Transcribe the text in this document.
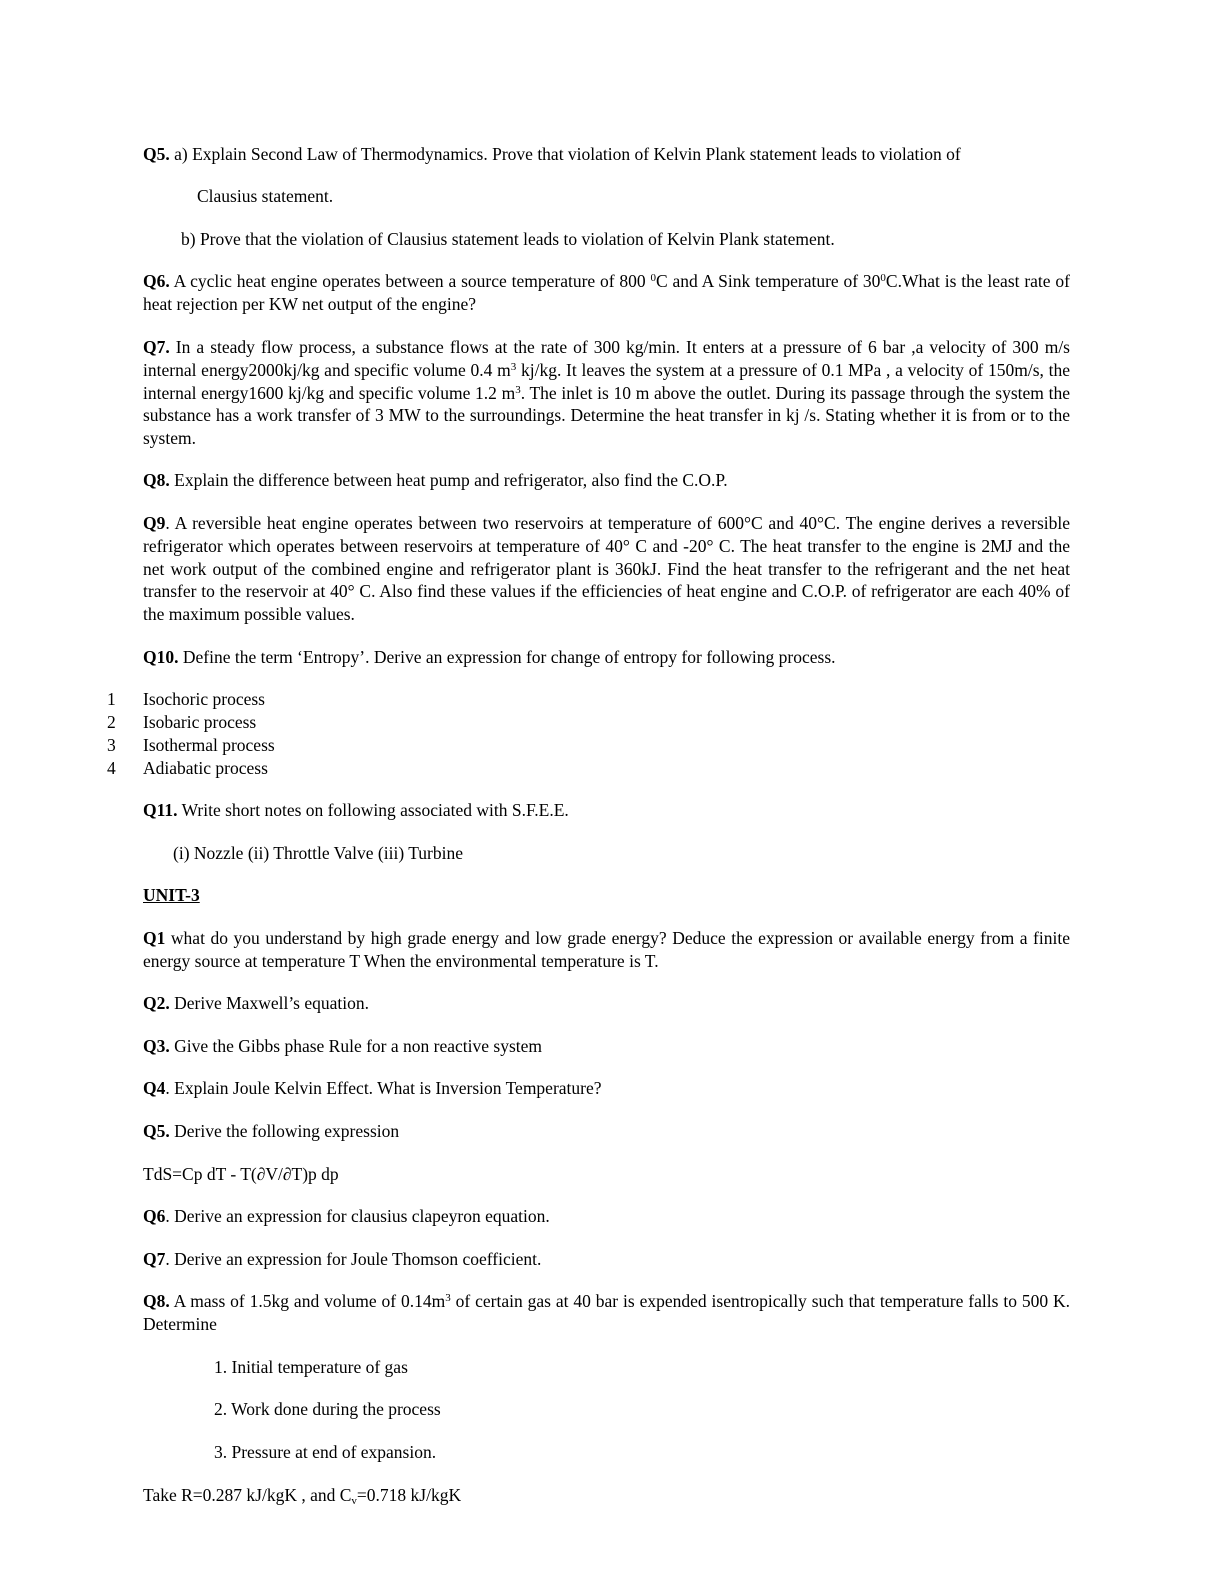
Q5. a) Explain Second Law of Thermodynamics. Prove that violation of Kelvin Plank statement leads to violation of
Clausius statement.
b) Prove that the violation of Clausius statement leads to violation of Kelvin Plank statement.
Q6. A cyclic heat engine operates between a source temperature of 800 $^0$C and A Sink temperature of $30^0C.What$ is the least rate of heat rejection per KW net output of the engine?
Q7. In a steady flow process, a substance flows at the rate of 300 kg/min. It enters at a pressure of 6 bar ,a velocity of 300 m/s internal energy2000kj/kg and specific volume 0.4 $m^3$ kj/kg. It leaves the system at a pressure of 0.1 MPa , a velocity of 150m/s, the internal energy1600 kj/kg and specific volume 1.2 $m^3$. The inlet is 10 m above the outlet. During its passage through the system the substance has a work transfer of 3 MW to the surroundings. Determine the heat transfer in kj /s. Stating whether it is from or to the system.
Q8. Explain the difference between heat pump and refrigerator, also find the C.O.P.
Q9. A reversible heat engine operates between two reservoirs at temperature of 600°C and 40°C. The engine derives a reversible refrigerator which operates between reservoirs at temperature of 40° C and -20° C. The heat transfer to the engine is 2MJ and the net work output of the combined engine and refrigerator plant is 360kJ. Find the heat transfer to the refrigerant and the net heat transfer to the reservoir at 40° C. Also find these values if the efficiencies of heat engine and C.O.P. of refrigerator are each 40% of the maximum possible values.
Q10. Define the term ‘Entropy’. Derive an expression for change of entropy for following process.
1	Isochoric process
2	Isobaric process
3	Isothermal process
4	Adiabatic process
Q11. Write short notes on following associated with S.F.E.E.
(i) Nozzle (ii) Throttle Valve (iii) Turbine
UNIT-3
Q1 what do you understand by high grade energy and low grade energy? Deduce the expression or available energy from a finite energy source at temperature T When the environmental temperature is T.
Q2. Derive Maxwell’s equation.
Q3. Give the Gibbs phase Rule for a non reactive system
Q4. Explain Joule Kelvin Effect. What is Inversion Temperature?
Q5. Derive the following expression
TdS=Cp dT - T(∂V/∂T)p dp
Q6. Derive an expression for clausius clapeyron equation.
Q7. Derive an expression for Joule Thomson coefficient.
Q8. A mass of 1.5kg and volume of $0.14m^3$ of certain gas at 40 bar is expended isentropically such that temperature falls to 500 K. Determine
1. Initial temperature of gas
2. Work done during the process
3. Pressure at end of expansion.
Take R=0.287 kJ/kgK , and $C_v=0.718$ kJ/kgK
